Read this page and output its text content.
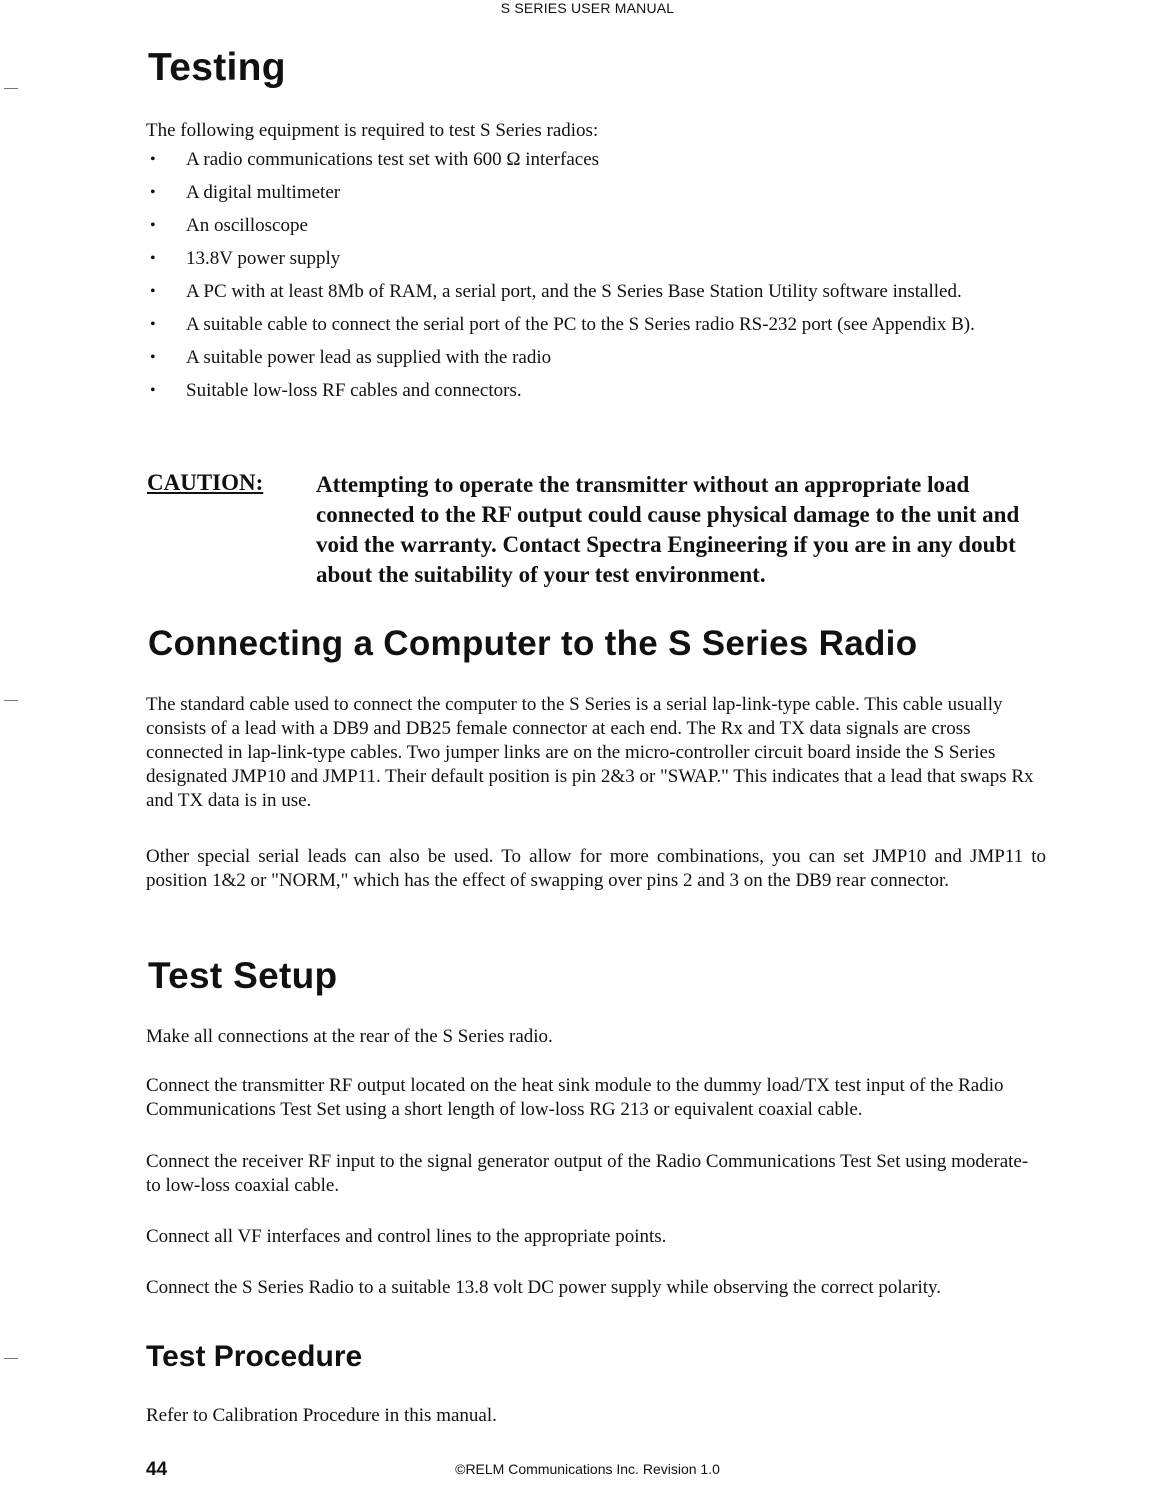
S SERIES USER MANUAL
Testing

The following equipment is required to test S Series radios:

• A radio communications test set with 600 Ω interfaces
• A digital multimeter
• An oscilloscope
• 13.8V power supply
• A PC with at least 8Mb of RAM, a serial port, and the S Series Base Station Utility software installed.
• A suitable cable to connect the serial port of the PC to the S Series radio RS-232 port (see Appendix B).
• A suitable power lead as supplied with the radio
• Suitable low-loss RF cables and connectors.
CAUTION: Attempting to operate the transmitter without an appropriate load connected to the RF output could cause physical damage to the unit and void the warranty. Contact Spectra Engineering if you are in any doubt about the suitability of your test environment.
Connecting a Computer to the S Series Radio

The standard cable used to connect the computer to the S Series is a serial lap-link-type cable. This cable usually consists of a lead with a DB9 and DB25 female connector at each end. The Rx and TX data signals are cross connected in lap-link-type cables. Two jumper links are on the micro-controller circuit board inside the S Series designated JMP10 and JMP11. Their default position is pin 2&3 or "SWAP." This indicates that a lead that swaps Rx and TX data is in use.

Other special serial leads can also be used. To allow for more combinations, you can set JMP10 and JMP11 to position 1&2 or "NORM," which has the effect of swapping over pins 2 and 3 on the DB9 rear connector.

Test Setup

Make all connections at the rear of the S Series radio.

Connect the transmitter RF output located on the heat sink module to the dummy load/TX test input of the Radio Communications Test Set using a short length of low-loss RG 213 or equivalent coaxial cable.

Connect the receiver RF input to the signal generator output of the Radio Communications Test Set using moderate- to low-loss coaxial cable.

Connect all VF interfaces and control lines to the appropriate points.

Connect the S Series Radio to a suitable 13.8 volt DC power supply while observing the correct polarity.

Test Procedure

Refer to Calibration Procedure in this manual.

44	©RELM Communications Inc. Revision 1.0
